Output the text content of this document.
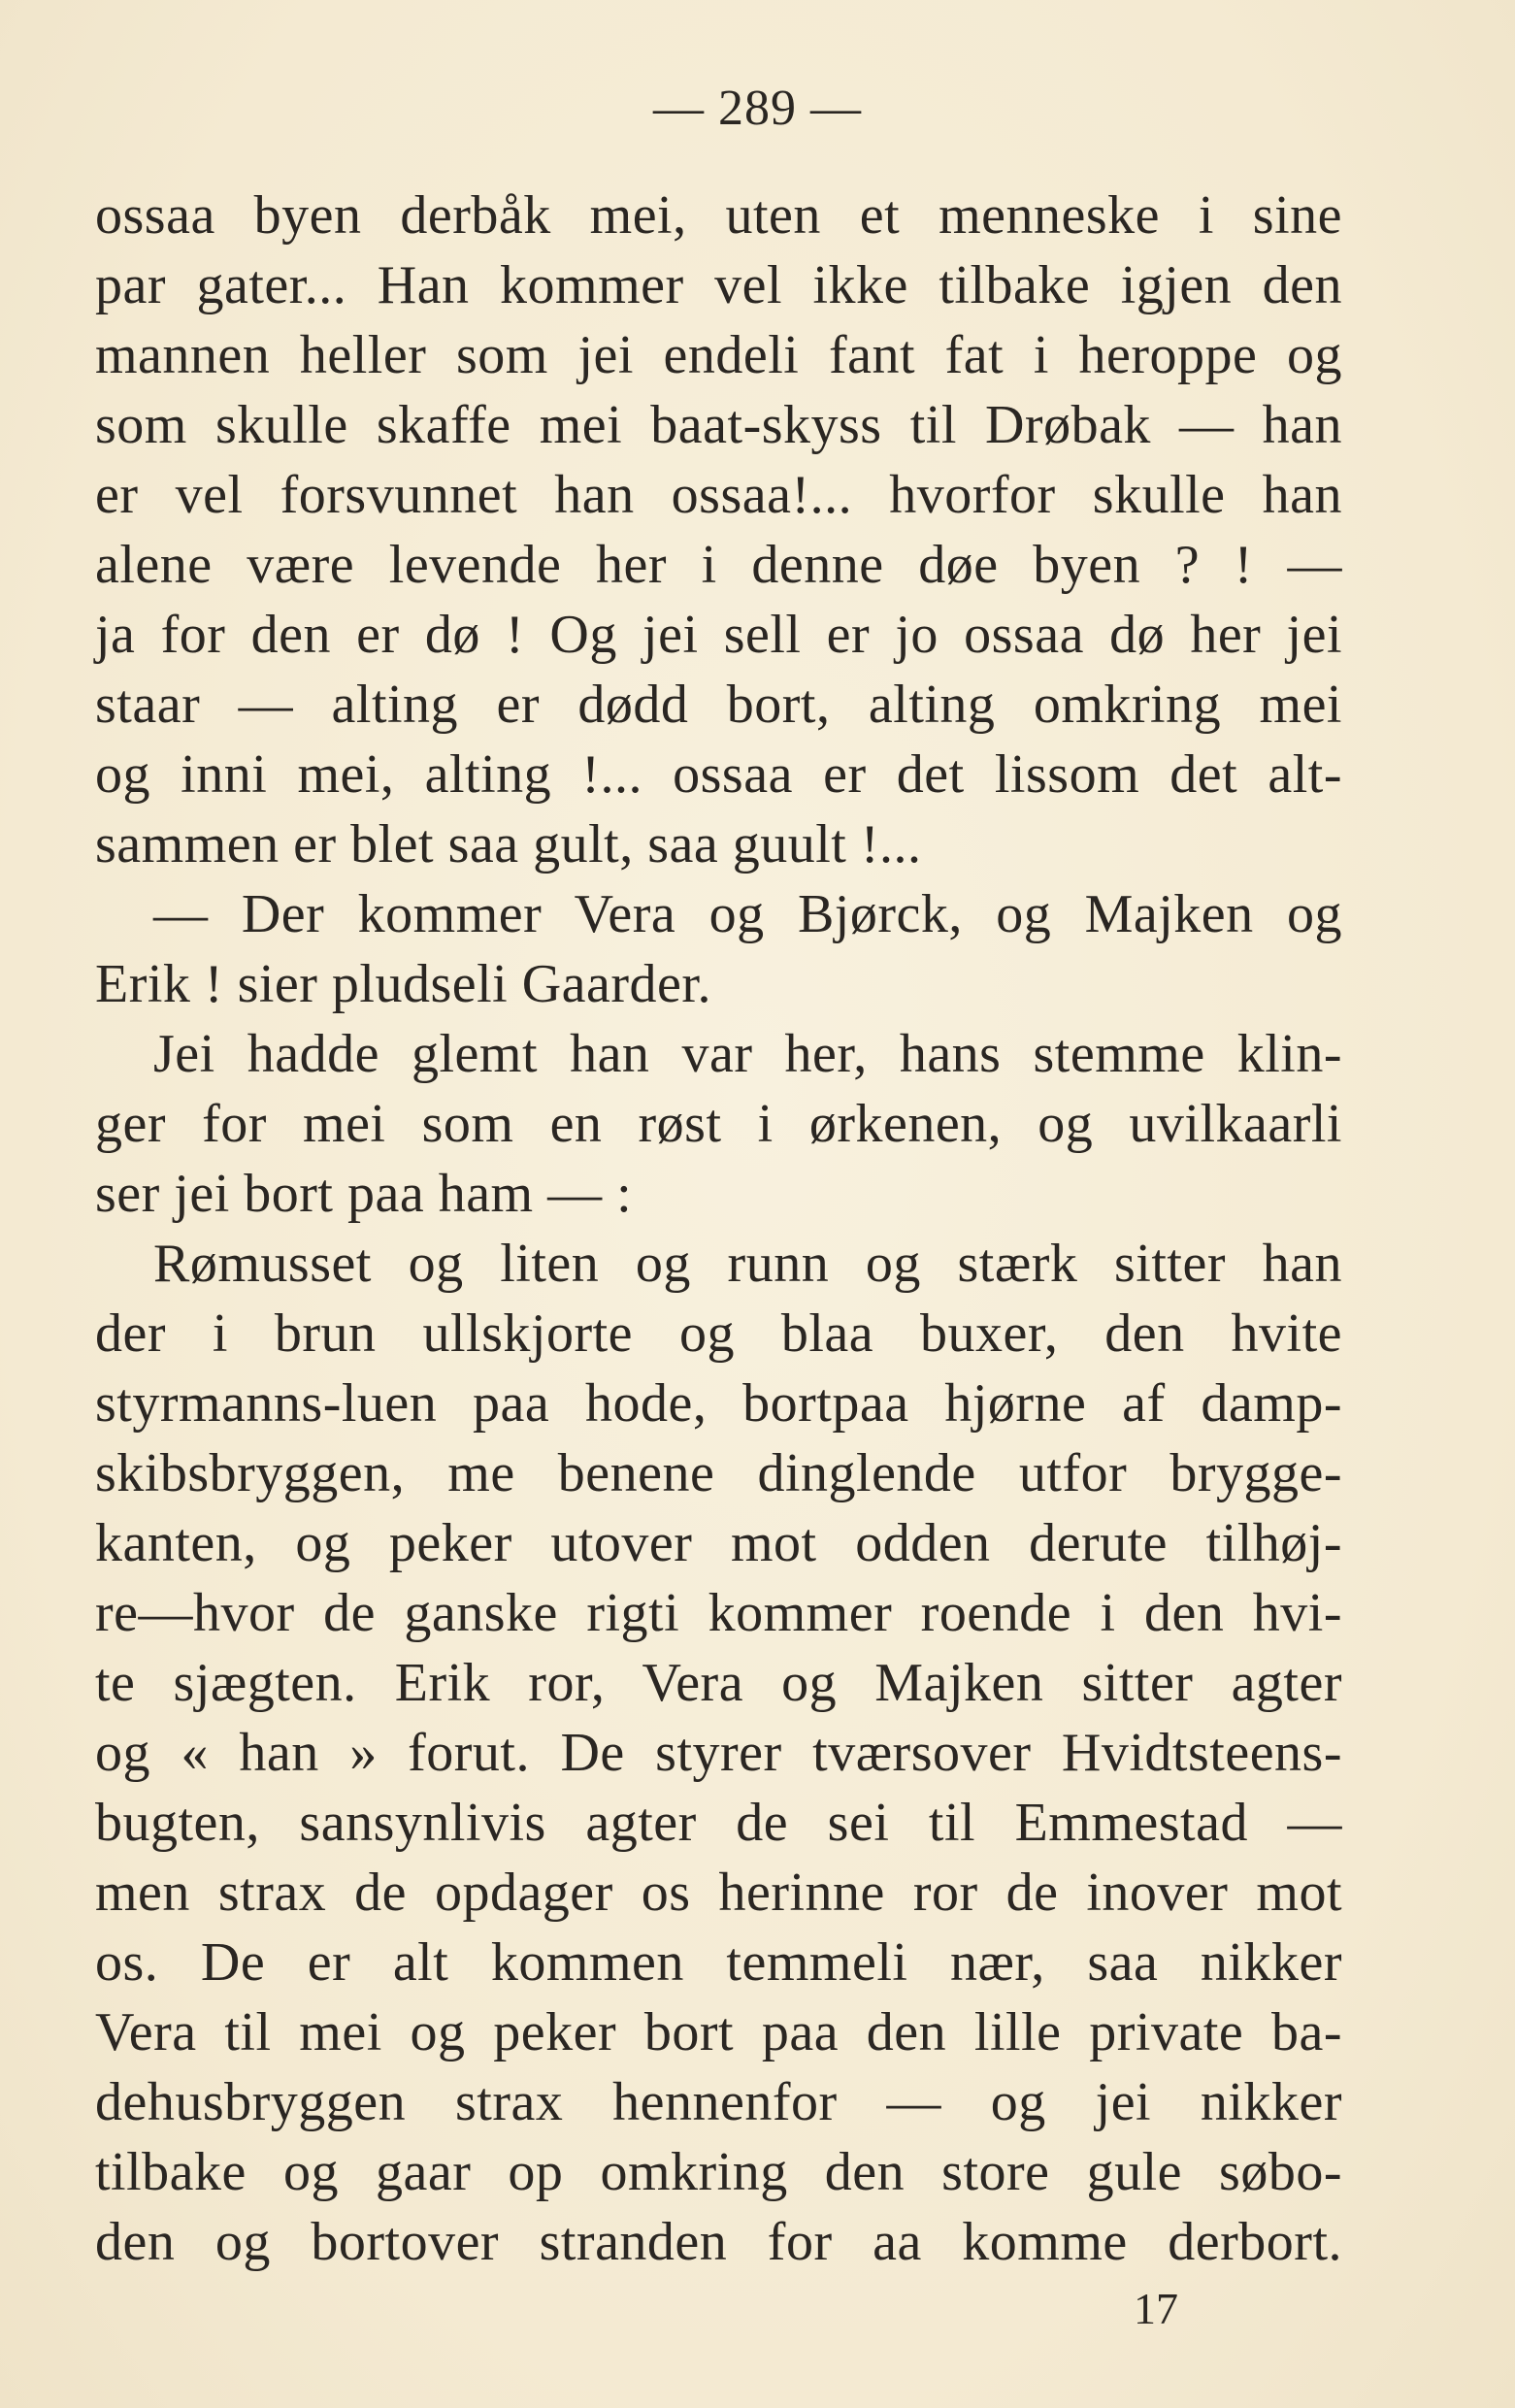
— 289 —
ossaa byen derbåk mei, uten et menneske i sine
par gater... Han kommer vel ikke tilbake igjen den
mannen heller som jei endeli fant fat i heroppe og
som skulle skaffe mei baat-skyss til Drøbak — han
er vel forsvunnet han ossaa!... hvorfor skulle han
alene være levende her i denne døe byen ? ! —
ja for den er dø ! Og jei sell er jo ossaa dø her jei
staar — alting er dødd bort, alting omkring mei
og inni mei, alting !... ossaa er det lissom det alt-
sammen er blet saa gult, saa guult !...
— Der kommer Vera og Bjørck, og Majken og
Erik ! sier pludseli Gaarder.
Jei hadde glemt han var her, hans stemme klin-
ger for mei som en røst i ørkenen, og uvilkaarli
ser jei bort paa ham — :
Rømusset og liten og runn og stærk sitter han
der i brun ullskjorte og blaa buxer, den hvite
styrmanns-luen paa hode, bortpaa hjørne af damp-
skibsbryggen, me benene dinglende utfor brygge-
kanten, og peker utover mot odden derute tilhøj-
re—hvor de ganske rigti kommer roende i den hvi-
te sjægten. Erik ror, Vera og Majken sitter agter
og « han » forut. De styrer tværsover Hvidtsteens-
bugten, sansynlivis agter de sei til Emmestad —
men strax de opdager os herinne ror de inover mot
os. De er alt kommen temmeli nær, saa nikker
Vera til mei og peker bort paa den lille private ba-
dehusbryggen strax hennenfor — og jei nikker
tilbake og gaar op omkring den store gule søbo-
den og bortover stranden for aa komme derbort.
17
